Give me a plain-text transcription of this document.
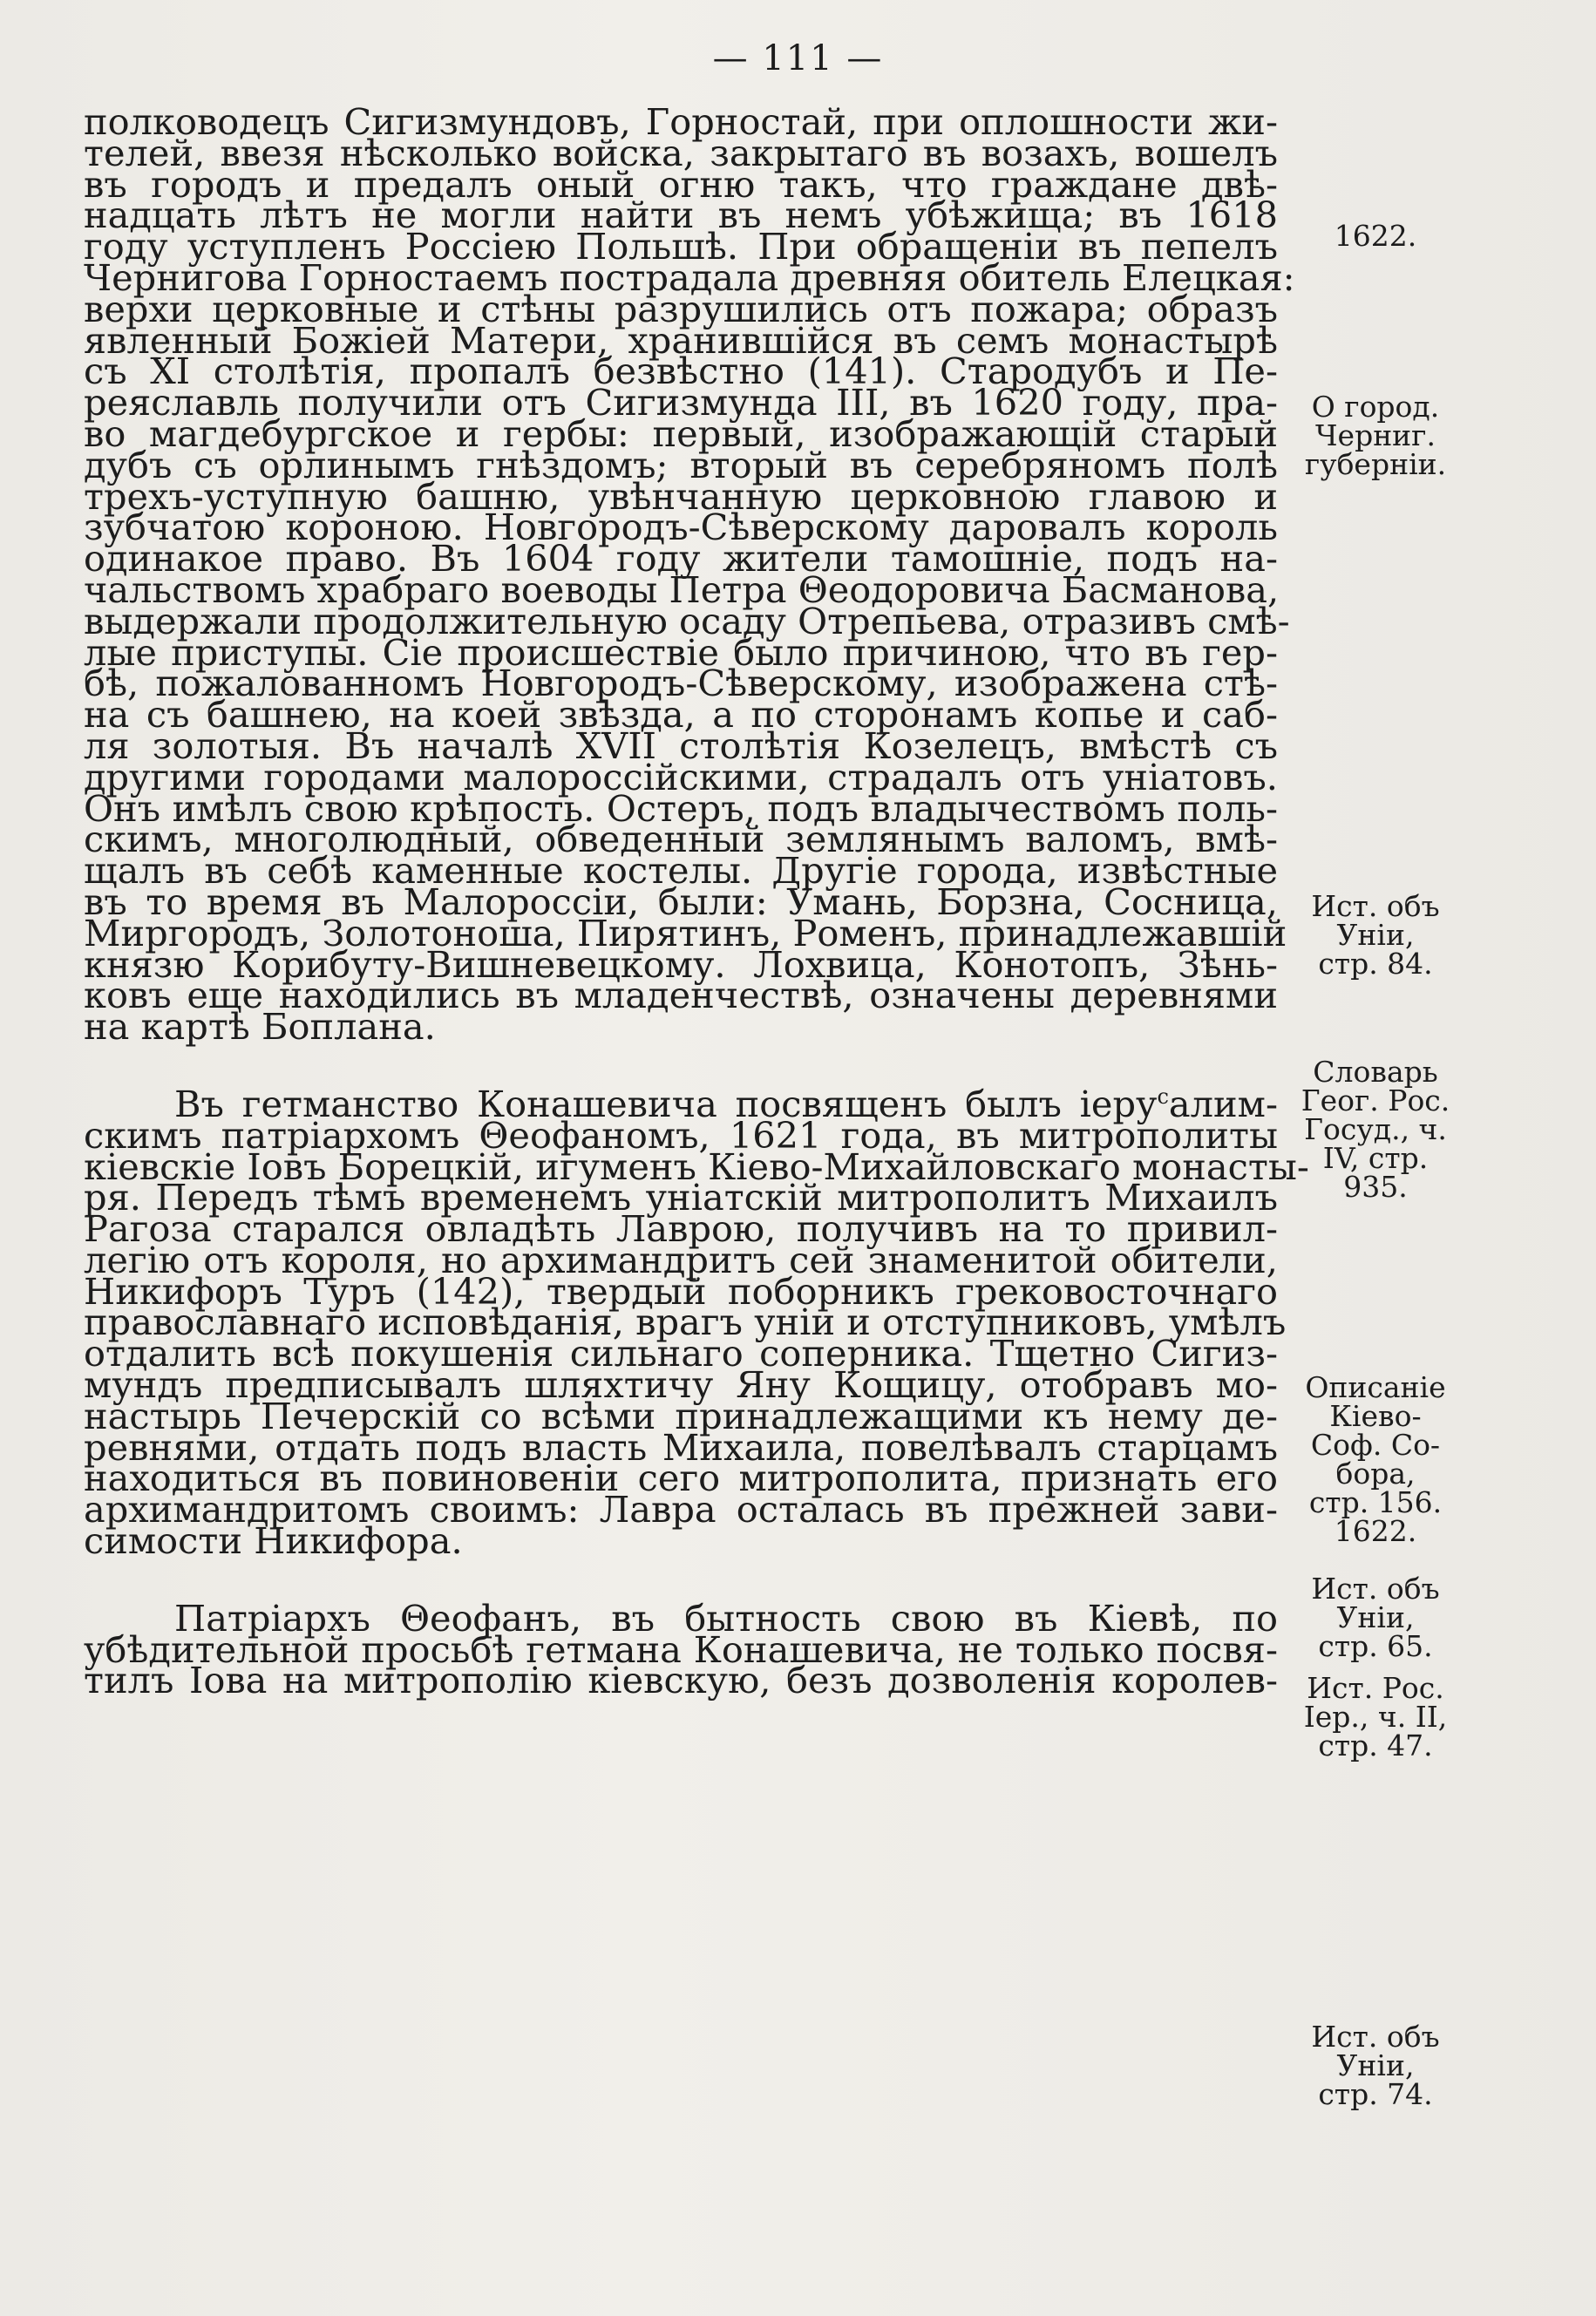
— 111 —
полководецъ Сигизмундовъ, Горностай, при оплошности жи-
телей, ввезя нѣсколько войска, закрытаго въ возахъ, вошелъ
въ городъ и предалъ оный огню такъ, что граждане двѣ-
надцать лѣтъ не могли найти въ немъ убѣжища; въ 1618
году уступленъ Россiею Польшѣ. При обращенiи въ пепелъ
Чернигова Горностаемъ пострадала древняя обитель Елецкая:
верхи церковные и стѣны разрушились отъ пожара; образъ
явленный Божiей Матери, хранившiйся въ семъ монастырѣ
съ XI столѣтiя, пропалъ безвѣстно (141). Стародубъ и Пе-
реяславль получили отъ Сигизмунда III, въ 1620 году, пра-
во магдебургское и гербы: первый, изображающiй старый
дубъ съ орлинымъ гнѣздомъ; вторый въ серебряномъ полѣ
трехъ-уступную башню, увѣнчанную церковною главою и
зубчатою короною. Новгородъ-Сѣверскому даровалъ король
одинакое право. Въ 1604 году жители тамошнiе, подъ на-
чальствомъ храбраго воеводы Петра Θеодоровича Басманова,
выдержали продолжительную осаду Отрепьева, отразивъ смѣ-
лые приступы. Сiе происшествiе было причиною, что въ гер-
бѣ, пожалованномъ Новгородъ-Сѣверскому, изображена стѣ-
на съ башнею, на коей звѣзда, а по сторонамъ копье и саб-
ля золотыя. Въ началѣ XVII столѣтiя Козелецъ, вмѣстѣ съ
другими городами малороссiйскими, страдалъ отъ унiатовъ.
Онъ имѣлъ свою крѣпость. Остеръ, подъ владычествомъ поль-
скимъ, многолюдный, обведенный землянымъ валомъ, вмѣ-
щалъ въ себѣ каменные костелы. Другiе города, извѣстные
въ то время въ Малороссiи, были: Умань, Борзна, Сосница,
Миргородъ, Золотоноша, Пирятинъ, Роменъ, принадлежавшiй
князю Корибуту-Вишневецкому. Лохвица, Конотопъ, Зѣнь-
ковъ еще находились въ младенчествѣ, означены деревнями
на картѣ Боплана.
Въ гетманство Конашевича посвященъ былъ iеру$^с$алим-
скимъ патрiархомъ Θеофаномъ, 1621 года, въ митрополиты
кiевскiе Iовъ Борецкiй, игуменъ Кiево-Михайловскаго монасты-
ря. Передъ тѣмъ временемъ унiатскiй митрополитъ Михаилъ
Рагоза старался овладѣть Лаврою, получивъ на то привил-
легiю отъ короля, но архимандритъ сей знаменитой обители,
Никифоръ Туръ (142), твердый поборникъ грековосточнаго
православнаго исповѣданiя, врагъ унiи и отступниковъ, умѣлъ
отдалить всѣ покушенiя сильнаго соперника. Тщетно Сигиз-
мундъ предписывалъ шляхтичу Яну Кощицу, отобравъ мо-
настырь Печерскiй со всѣми принадлежащими къ нему де-
ревнями, отдать подъ власть Михаила, повелѣвалъ старцамъ
находиться въ повиновенiи сего митрополита, признать его
архимандритомъ своимъ: Лавра осталась въ прежней зави-
симости Никифора.
Патрiархъ Θеофанъ, въ бытность свою въ Кiевѣ, по
убѣдительной просьбѣ гетмана Конашевича, не только посвя-
тилъ Iова на митрополiю кiевскую, безъ дозволенiя королев-
1622.
О город.
Черниг.
губернiи.
Ист. объ
Унiи,
стр. 84.
Словарь
Геог. Рос.
Госуд., ч.
IV, стр.
935.
Описанiе
Кiево-
Соф. Со-
бора,
стр. 156.
1622.
Ист. объ
Унiи,
стр. 65.
Ист. Рос.
Iер., ч. II,
стр. 47.
Ист. объ
Унiи,
стр. 74.
